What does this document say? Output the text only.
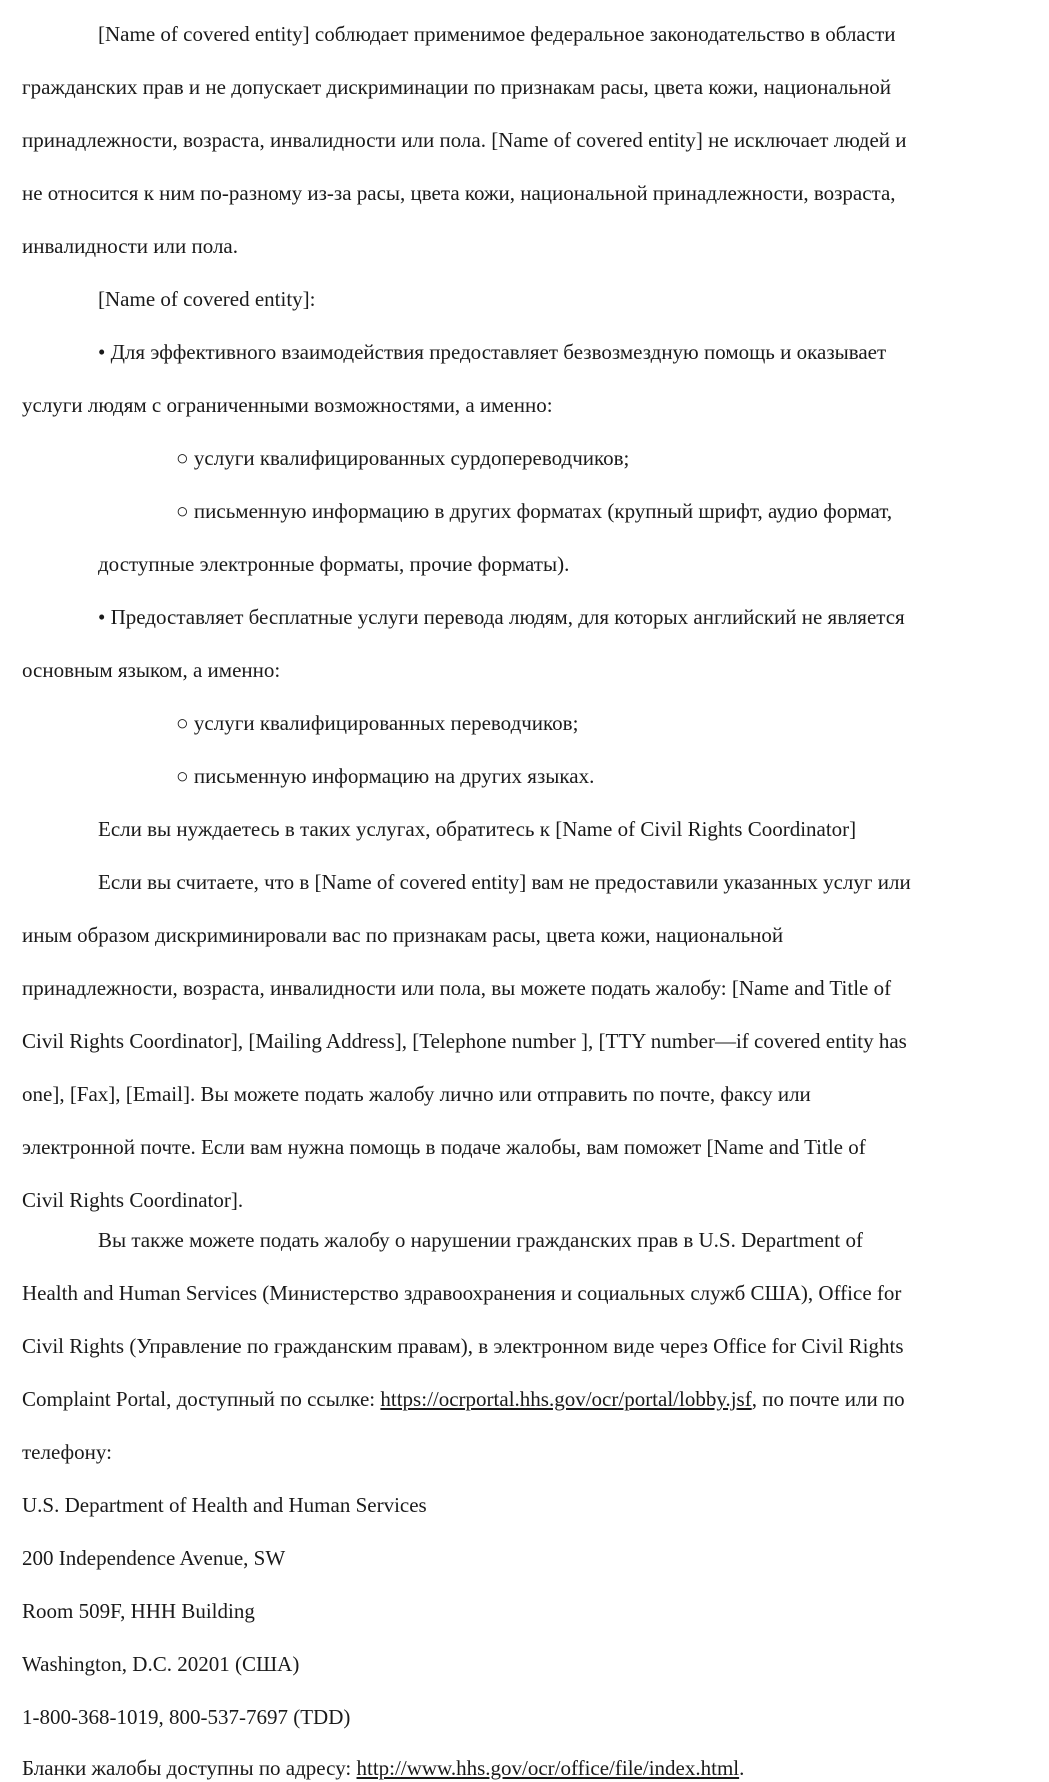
[Name of covered entity] соблюдает применимое федеральное законодательство в области
гражданских прав и не допускает дискриминации по признакам расы, цвета кожи, национальной
принадлежности, возраста, инвалидности или пола. [Name of covered entity] не исключает людей и
не относится к ним по-разному из-за расы, цвета кожи, национальной принадлежности, возраста,
инвалидности или пола.
[Name of covered entity]:
• Для эффективного взаимодействия предоставляет безвозмездную помощь и оказывает
услуги людям с ограниченными возможностями, а именно:
○ услуги квалифицированных сурдопереводчиков;
○ письменную информацию в других форматах (крупный шрифт, аудио формат,
доступные электронные форматы, прочие форматы).
• Предоставляет бесплатные услуги перевода людям, для которых английский не является
основным языком, а именно:
○ услуги квалифицированных переводчиков;
○ письменную информацию на других языках.
Если вы нуждаетесь в таких услугах, обратитесь к [Name of Civil Rights Coordinator]
Если вы считаете, что в [Name of covered entity] вам не предоставили указанных услуг или
иным образом дискриминировали вас по признакам расы, цвета кожи, национальной
принадлежности, возраста, инвалидности или пола, вы можете подать жалобу: [Name and Title of
Civil Rights Coordinator], [Mailing Address], [Telephone number ], [TTY number—if covered entity has
one], [Fax], [Email]. Вы можете подать жалобу лично или отправить по почте, факсу или
электронной почте. Если вам нужна помощь в подаче жалобы, вам поможет [Name and Title of
Civil Rights Coordinator].
Вы также можете подать жалобу о нарушении гражданских прав в U.S. Department of
Health and Human Services (Министерство здравоохранения и социальных служб США), Office for
Civil Rights (Управление по гражданским правам), в электронном виде через Office for Civil Rights
Complaint Portal, доступный по ссылке: https://ocrportal.hhs.gov/ocr/portal/lobby.jsf, по почте или по
телефону:
U.S. Department of Health and Human Services
200 Independence Avenue, SW
Room 509F, HHH Building
Washington, D.C. 20201 (США)
1-800-368-1019, 800-537-7697 (TDD)
Бланки жалобы доступны по адресу: http://www.hhs.gov/ocr/office/file/index.html.
